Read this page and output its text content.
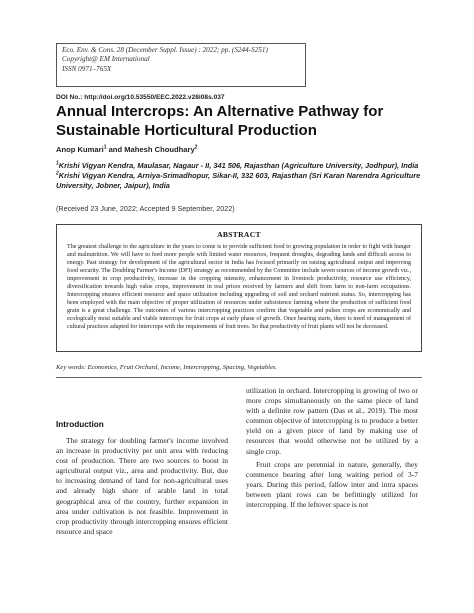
Eco. Env. & Cons. 28 (December Suppl. Issue) : 2022; pp. (S244-S251)
Copyright@ EM International
ISSN 0971–765X
DOI No.: http://doi.org/10.53550/EEC.2022.v28i08s.037
Annual Intercrops: An Alternative Pathway for Sustainable Horticultural Production
Anop Kumari$^1$ and Mahesh Choudhary$^2$
$^1$Krishi Vigyan Kendra, Maulasar, Nagaur - II, 341 506, Rajasthan (Agriculture University, Jodhpur), India
$^2$Krishi Vigyan Kendra, Arniya-Srimadhopur, Sikar-II, 332 603, Rajasthan (Sri Karan Narendra Agriculture University, Jobner, Jaipur), India
(Received 23 June, 2022; Accepted 9 September, 2022)
ABSTRACT
The greatest challenge to the agriculture in the years to come is to provide sufficient food to growing population in order to fight with hunger and malnutrition. We will have to feed more people with limited water resources, frequent droughts, degrading lands and difficult access to energy. Past strategy for development of the agricultural sector in India has focused primarily on raising agricultural output and improving food security. The Doubling Farmer's Income (DFI) strategy as recommended by the Committee include seven sources of income growth viz., improvement in crop productivity, increase in the cropping intensity, enhancement in livestock productivity, resource use efficiency, diversification towards high value crops, improvement in real prices received by farmers and shift from farm to non-farm occupations. Intercropping ensures efficient resource and space utilization including upgrading of soil and orchard nutrient status. So, intercropping has been employed with the main objective of proper utilization of resources under subsistence farming where the production of sufficient food grain is a great challenge. The outcomes of various intercropping practices confirm that vegetable and pulses crops are economically and ecologically most suitable and viable intercrops for fruit crops at early phase of growth. Once bearing starts, there is need of management of cultural practices adapted for intercrops with the requirements of fruit trees. So that productivity of fruit plants will not be decreased.
Key words: Economics, Fruit Orchard, Income, Intercropping, Spacing, Vegetables.
Introduction

The strategy for doubling farmer's income involved an increase in productivity per unit area with reducing cost of production. There are two sources to boost in agricultural output viz., area and productivity. But, due to increasing demand of land for non-agricultural uses and already high share of arable land in total geographical area of the country, further expansion in area under cultivation is not feasible. Improvement in crop productivity through intercropping ensures efficient resource and space

utilization in orchard. Intercropping is growing of two or more crops simultaneously on the same piece of land with a definite row pattern (Das et al., 2019). The most common objective of intercropping is to produce a better yield on a given piece of land by making use of resources that would otherwise not be utilized by a single crop.

Fruit crops are perennial in nature, generally, they commence bearing after long waiting period of 3-7 years. During this period, fallow inter and intra spaces between plant rows can be befittingly utilized for intercropping. If the leftover space is not
